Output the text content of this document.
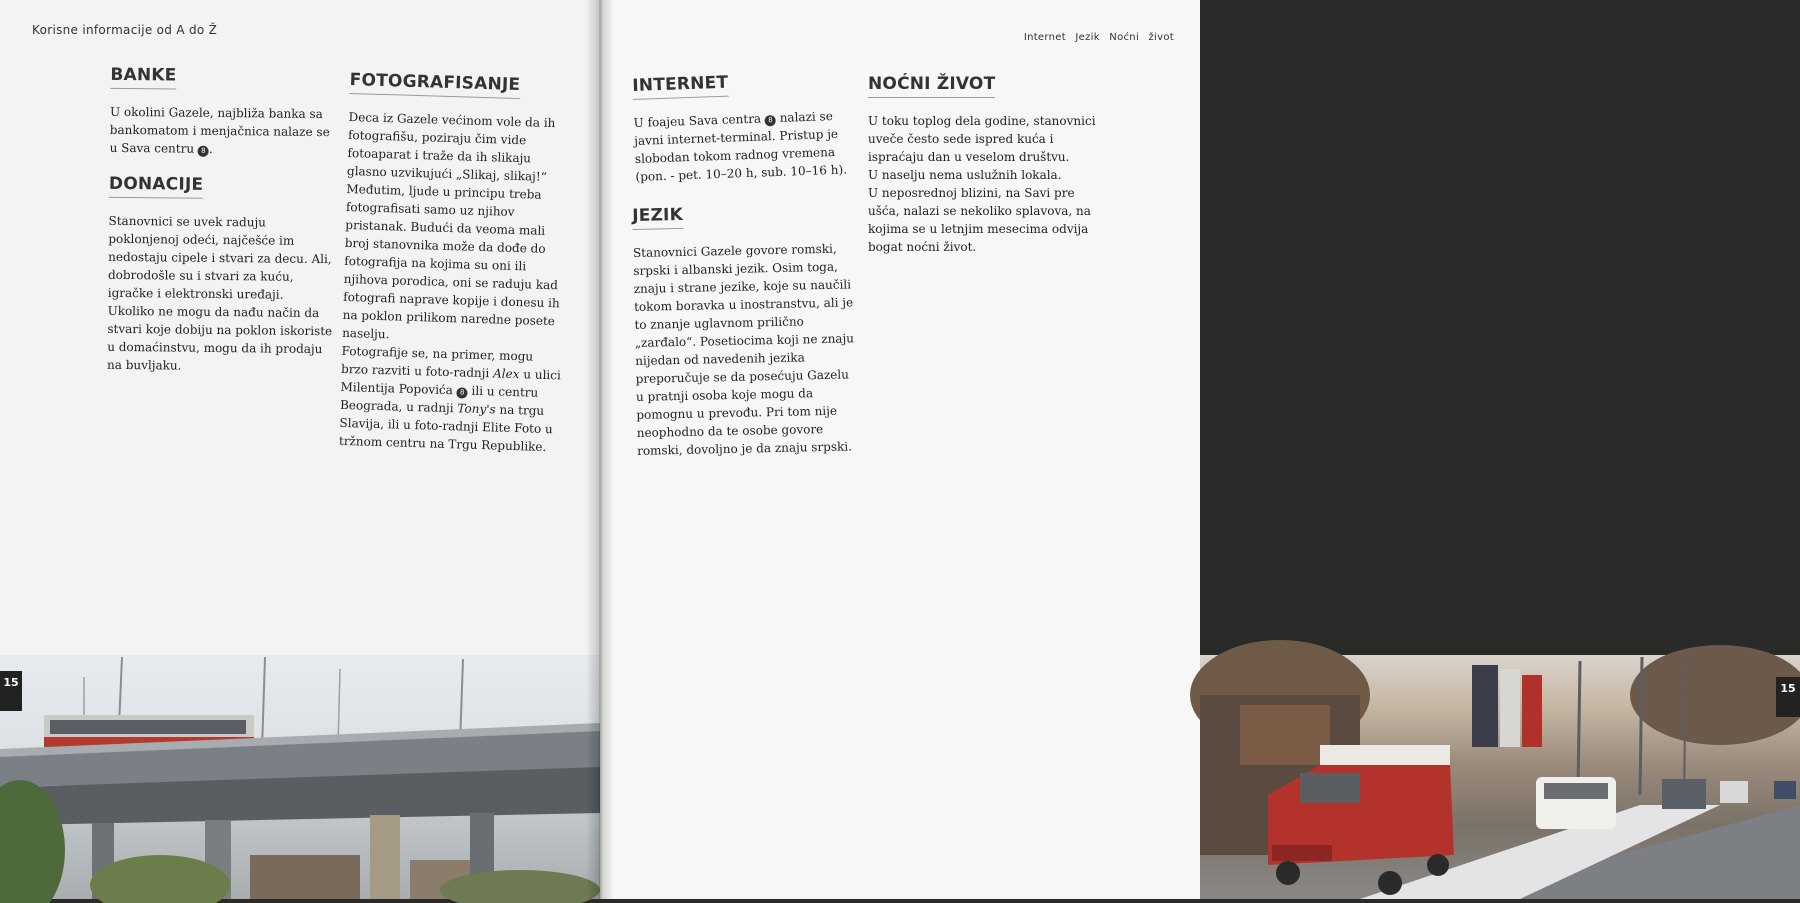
Korisne informacije od A do Ž
BANKE

U okolini Gazele, najbliža banka sa bankomatom i menjačnica nalaze se u Sava centru 8 .

DONACIJE

Stanovnici se uvek raduju poklonjenoj odeći, najčešće im nedostaju cipele i stvari za decu. Ali, dobrodošle su i stvari za kuću, igračke i elektronski uređaji. Ukoliko ne mogu da nađu način da stvari koje dobiju na poklon iskoriste u domaćinstvu, mogu da ih prodaju na buvljaku.

FOTOGRAFISANJE

Deca iz Gazele većinom vole da ih fotografišu, poziraju čim vide fotoaparat i traže da ih slikaju glasno uzvikujući „Slikaj, slikaj!“ Međutim, ljude u principu treba fotografisati samo uz njihov pristanak. Budući da veoma mali broj stanovnika može da dođe do fotografija na kojima su oni ili njihova porodica, oni se raduju kad fotografi naprave kopije i donesu ih na poklon prilikom naredne posete naselju.

Fotografije se, na primer, mogu brzo razviti u foto-radnji Alex u ulici Milentija Popovića 8 ili u centru Beograda, u radnji Tony's na trgu Slavija, ili u foto-radnji Elite Foto u tržnom centru na Trgu Republike.

15
Internet Jezik Noćni život
15
INTERNET

U foajeu Sava centra 8 nalazi se javni internet-terminal. Pristup je slobodan tokom radnog vremena (pon. - pet. 10–20 h, sub. 10–16 h).

JEZIK

Stanovnici Gazele govore romski, srpski i albanski jezik. Osim toga, znaju i strane jezike, koje su naučili tokom boravka u inostranstvu, ali je to znanje uglavnom prilično „zarđalo“. Posetiocima koji ne znaju nijedan od navedenih jezika preporučuje se da posećuju Gazelu u pratnji osoba koje mogu da pomognu u prevođu. Pri tom nije neophodno da te osobe govore romski, dovoljno je da znaju srpski.

NOĆNI ŽIVOT

U toku toplog dela godine, stanovnici uveče često sede ispred kuća i ispraćaju dan u veselom društvu.

U naselju nema uslužnih lokala.

U neposrednoj blizini, na Savi pre ušća, nalazi se nekoliko splavova, na kojima se u letnjim mesecima odvija bogat noćni život.
